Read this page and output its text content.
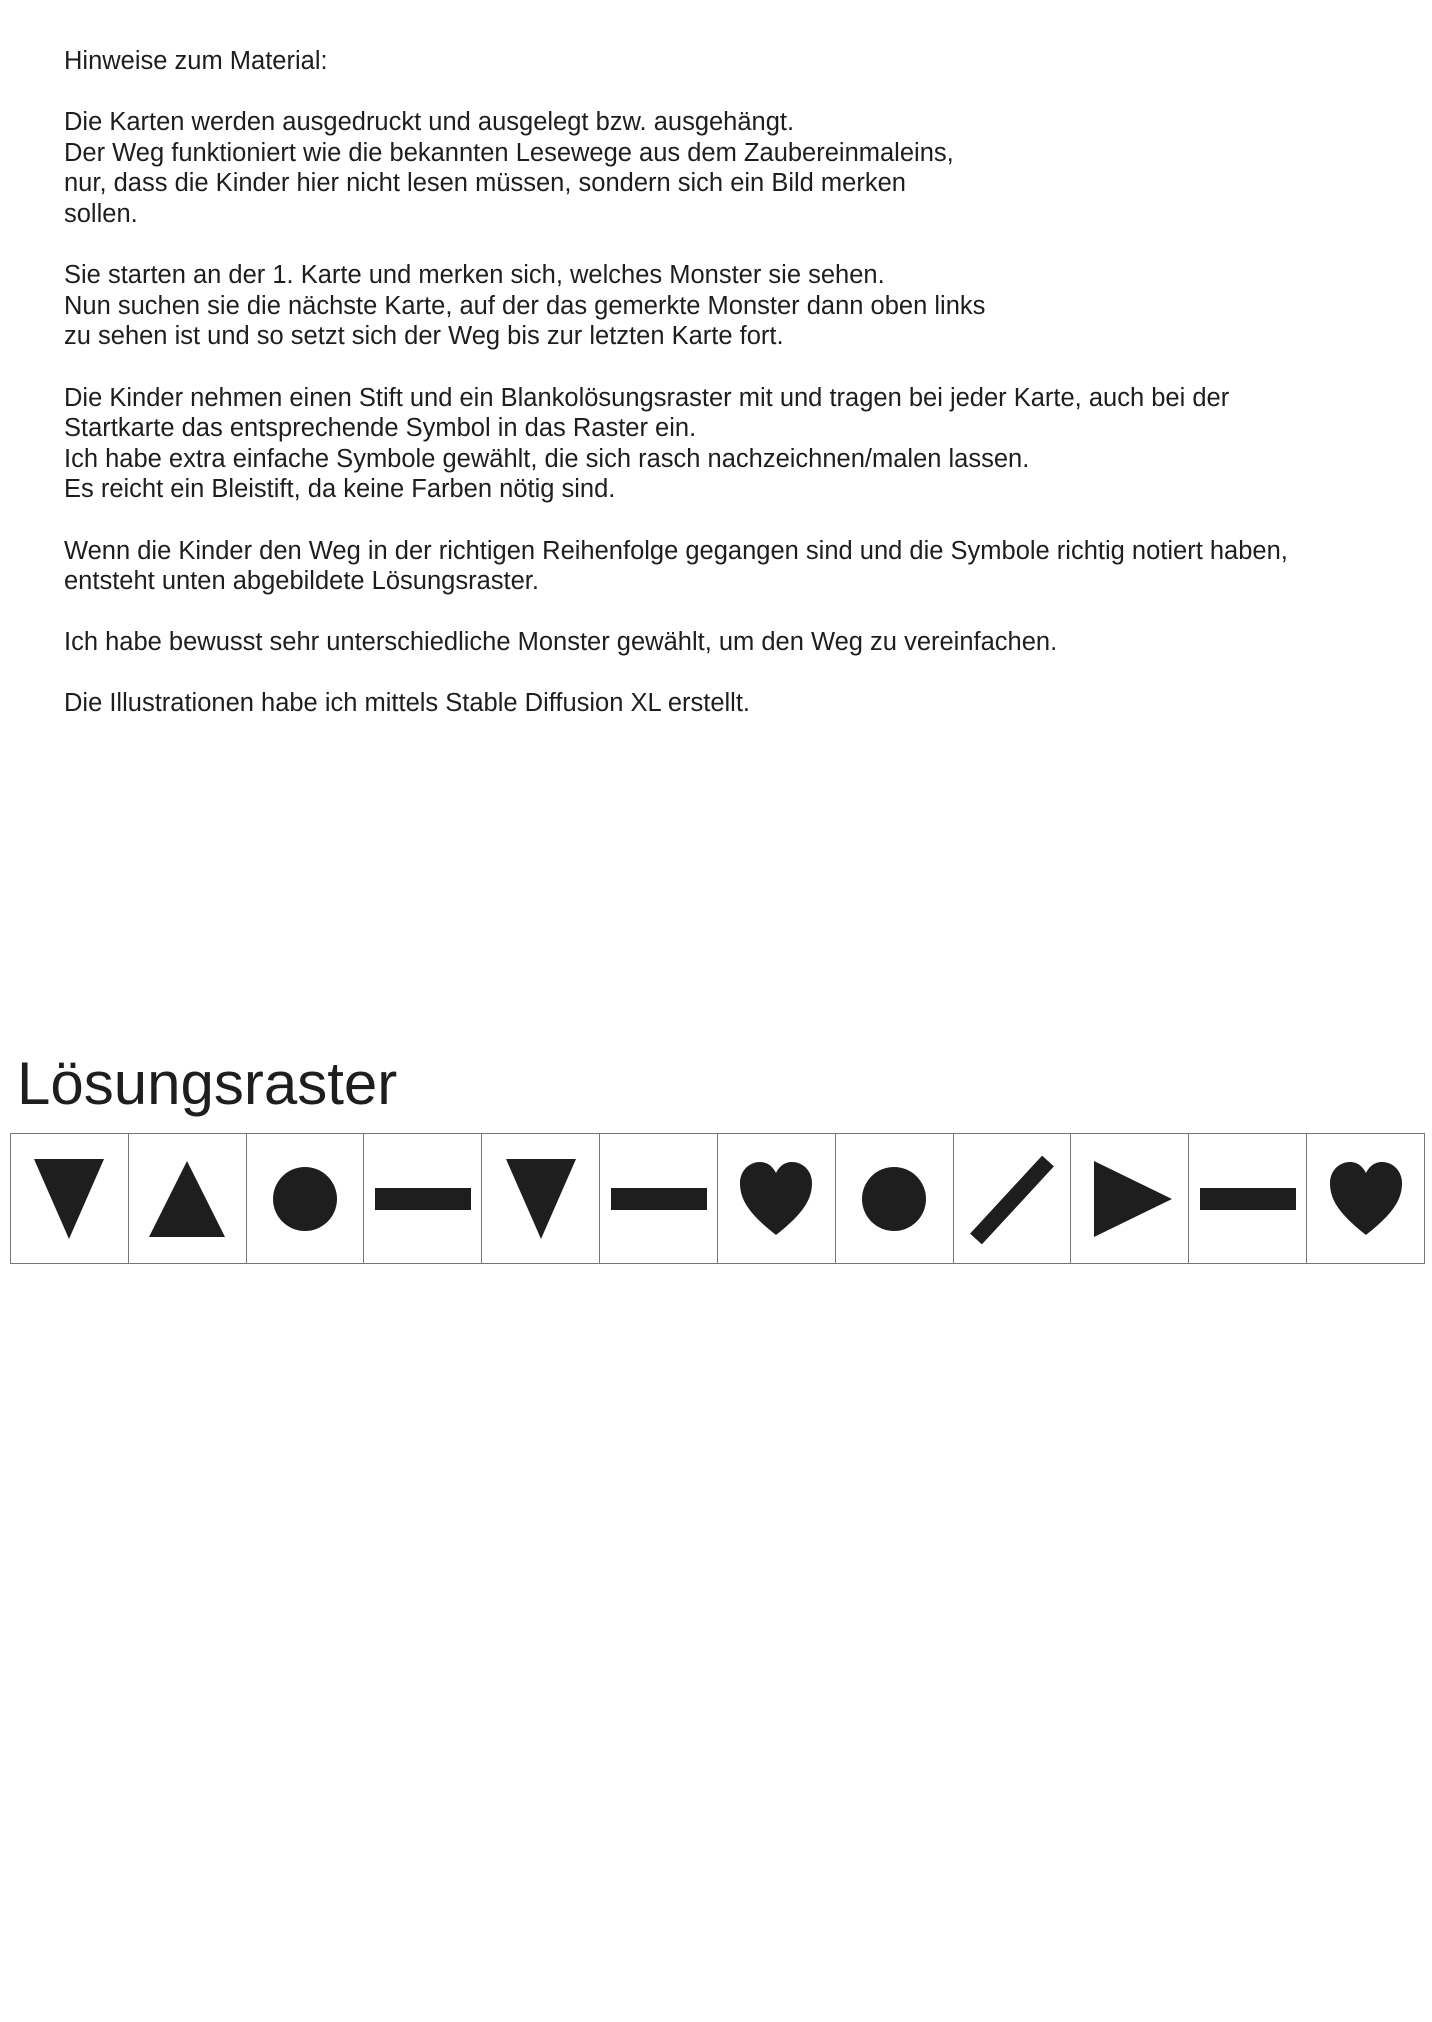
Hinweise zum Material:

Die Karten werden ausgedruckt und ausgelegt bzw. ausgehängt.
Der Weg funktioniert wie die bekannten Lesewege aus dem Zaubereinmaleins,
nur, dass die Kinder hier nicht lesen müssen, sondern sich ein Bild merken
sollen.

Sie starten an der 1. Karte und merken sich, welches Monster sie sehen.
Nun suchen sie die nächste Karte, auf der das gemerkte Monster dann oben links
zu sehen ist und so setzt sich der Weg bis zur letzten Karte fort.

Die Kinder nehmen einen Stift und ein Blankolösungsraster mit und tragen bei jeder Karte, auch bei der
Startkarte das entsprechende Symbol in das Raster ein.
Ich habe extra einfache Symbole gewählt, die sich rasch nachzeichnen/malen lassen.
Es reicht ein Bleistift, da keine Farben nötig sind.

Wenn die Kinder den Weg in der richtigen Reihenfolge gegangen sind und die Symbole richtig notiert haben,
entsteht unten abgebildete Lösungsraster.

Ich habe bewusst sehr unterschiedliche Monster gewählt, um den Weg zu vereinfachen.

Die Illustrationen habe ich mittels Stable Diffusion XL erstellt.

Lösungsraster
